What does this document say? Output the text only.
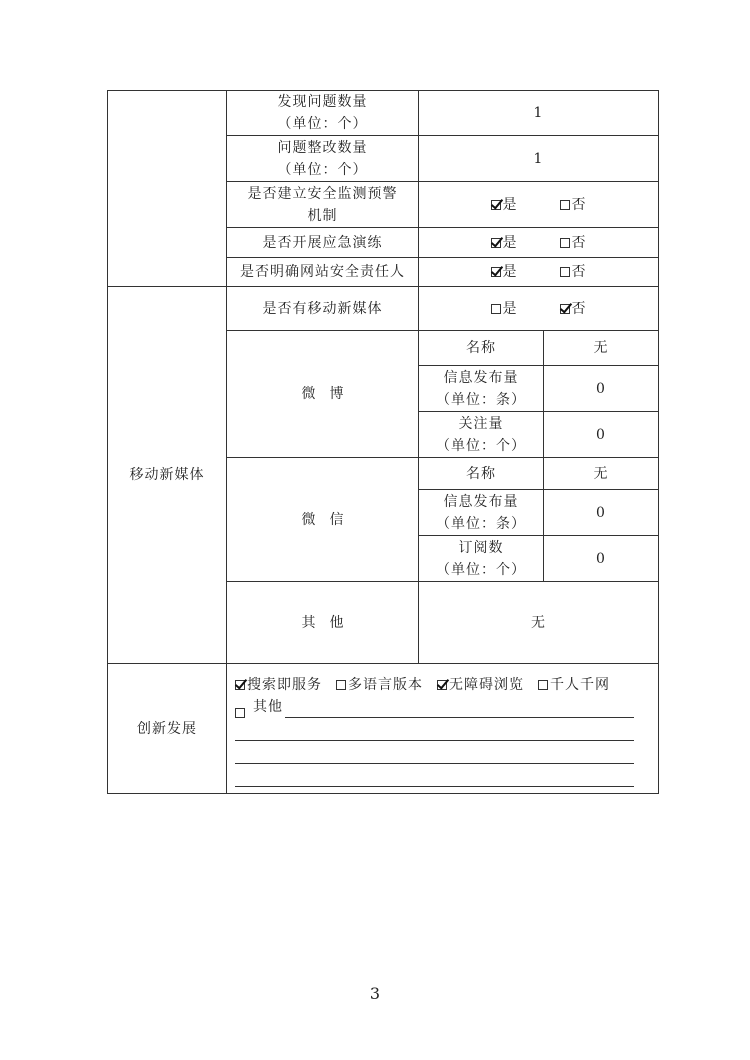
	发现问题数量
（单位：个）	1	

	问题整改数量
（单位：个）	1	

	是否建立安全监测预警
机制	是 否	
	是否开展应急演练	是 否	
	是否明确网站安全责任人	是 否	
移动新媒体	是否有移动新媒体	是 否	
	微博	名称	无

		信息发布量
（单位：条）	0

		关注量
（单位：个）	0
	微信	名称	无

		信息发布量
（单位：条）	0

		订阅数
（单位：个）	0
	其他	无	
创新发展	搜索即服务 多语言版本 无障碍浏览 千人千网
其他		
3
